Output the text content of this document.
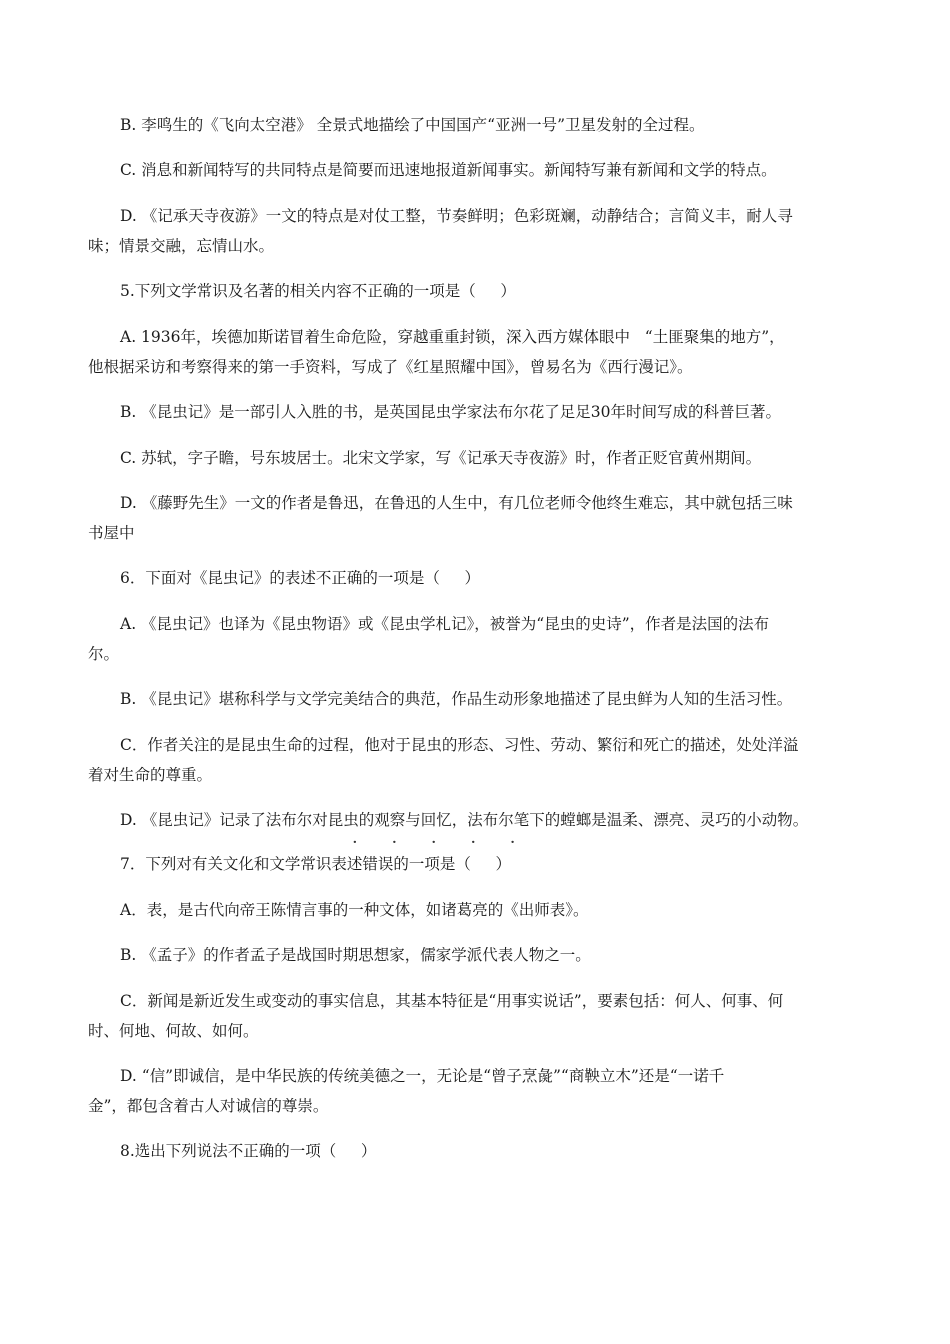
B. 李鸣生的《飞向太空港》 全景式地描绘了中国国产“亚洲一号”卫星发射的全过程。
C. 消息和新闻特写的共同特点是简要而迅速地报道新闻事实。新闻特写兼有新闻和文学的特点。
D. 《记承天寺夜游》一文的特点是对仗工整，节奏鲜明；色彩斑斓，动静结合；言简义丰，耐人寻
味；情景交融，忘情山水。
5.下列文学常识及名著的相关内容不正确的一项是（     ）
A. 1936年，埃德加斯诺冒着生命危险，穿越重重封锁，深入西方媒体眼中   “土匪聚集的地方”，
他根据采访和考察得来的第一手资料，写成了《红星照耀中国》，曾易名为《西行漫记》。
B. 《昆虫记》是一部引人入胜的书，是英国昆虫学家法布尔花了足足30年时间写成的科普巨著。
C. 苏轼，字子瞻，号东坡居士。北宋文学家，写《记承天寺夜游》时，作者正贬官黄州期间。
D. 《藤野先生》一文的作者是鲁迅，在鲁迅的人生中，有几位老师令他终生难忘，其中就包括三味
书屋中
6．下面对《昆虫记》的表述不正确的一项是（     ）
A. 《昆虫记》也译为《昆虫物语》或《昆虫学札记》，被誉为“昆虫的史诗”，作者是法国的法布
尔。
B. 《昆虫记》堪称科学与文学完美结合的典范，作品生动形象地描述了昆虫鲜为人知的生活习性。
C．作者关注的是昆虫生命的过程，他对于昆虫的形态、习性、劳动、繁衍和死亡的描述，处处洋溢
着对生命的尊重。
D. 《昆虫记》记录了法布尔对昆虫的观察与回忆，法布尔笔下的螳螂是温柔、漂亮、灵巧的小动物。
· · · · ·
7．下列对有关文化和文学常识表述错误的一项是（     ）
A．表，是古代向帝王陈情言事的一种文体，如诸葛亮的《出师表》。
B. 《孟子》的作者孟子是战国时期思想家，儒家学派代表人物之一。
C．新闻是新近发生或变动的事实信息，其基本特征是“用事实说话”，要素包括：何人、何事、何
时、何地、何故、如何。
D. “信”即诚信，是中华民族的传统美德之一，无论是“曾子烹彘”“商鞅立木”还是“一诺千
金”，都包含着古人对诚信的尊崇。
8.选出下列说法不正确的一项（     ）
